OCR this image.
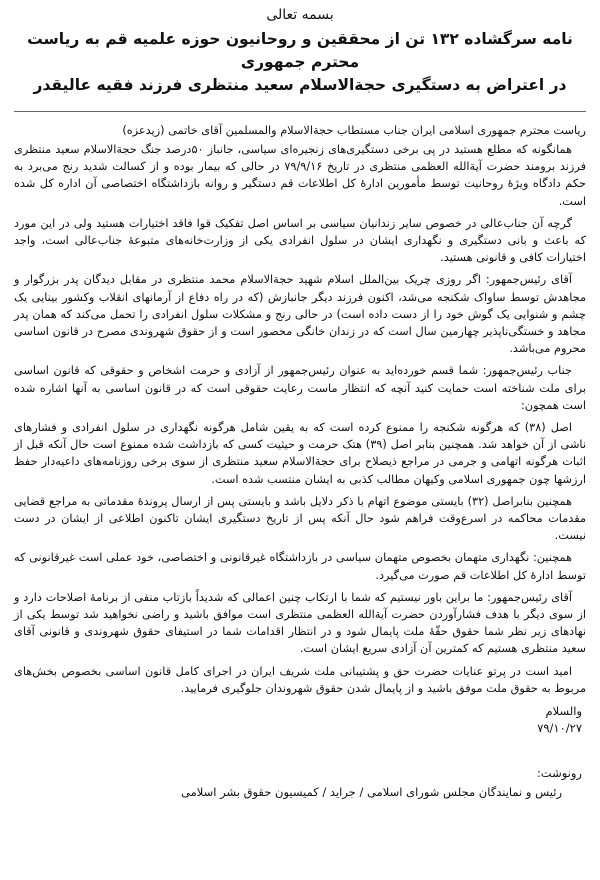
بسمه تعالی
نامه سرگشاده ۱۳۲ تن از محققین و روحانیون حوزه علمیه قم به ریاست محترم جمهوری
در اعتراض به دستگیری حجةالاسلام سعید منتظری فرزند فقیه عالیقدر
ریاست محترم جمهوری اسلامی ایران جناب مستطاب حجةالاسلام والمسلمین آقای خاتمی (زیدعزه)

همانگونه که مطلع هستید در پی برخی دستگیری‌های زنجیره‌ای سیاسی، جانباز ۵۰درصد جنگ حجةالاسلام سعید منتظری فرزند برومند حضرت آیةالله العظمی منتظری در تاریخ ۷۹/۹/۱۶ در حالی که بیمار بوده و از کسالت شدید رنج می‌برد به حکم دادگاه ویژهٔ روحانیت توسط مأمورین ادارهٔ کل اطلاعات قم دستگیر و روانه بازداشتگاه اختصاصی آن اداره کل شده است.

گرچه آن جناب‌عالی در خصوص سایر زندانیان سیاسی بر اساس اصل تفکیک قوا فاقد اختیارات هستید ولی در این مورد که باعث و بانی دستگیری و نگهداری ایشان در سلول انفرادی یکی از وزارت‌خانه‌های متبوعهٔ جناب‌عالی است، واجد اختیارات کافی و قانونی هستید.

آقای رئیس‌جمهور: اگر روزی چریک بین‌الملل اسلام شهید حجةالاسلام محمد منتظری در مقابل دیدگان پدر بزرگوار و مجاهدش توسط ساواک شکنجه می‌شد، اکنون فرزند دیگر جانبازش (که در راه دفاع از آرمانهای انقلاب وکشور بینایی یک چشم و شنوایی یک گوش خود را از دست داده است) در حالی رنج و مشکلات سلول انفرادی را تحمل می‌کند که همان پدر مجاهد و خستگی‌ناپذیر چهارمین سال است که در زندان خانگی محصور است و از حقوق شهروندی مصرح در قانون اساسی محروم می‌باشد.

جناب رئیس‌جمهور: شما قسم خورده‌اید به عنوان رئیس‌جمهور از آزادی و حرمت اشخاص و حقوقی که قانون اساسی برای ملت شناخته است حمایت کنید آنچه که انتظار ماست رعایت حقوقی است که در قانون اساسی به آنها اشاره شده است همچون:

اصل (۳۸) که هرگونه شکنجه را ممنوع کرده است که به یقین شامل هرگونه نگهداری در سلول انفرادی و فشارهای ناشی از آن خواهد شد. همچنین بنابر اصل (۳۹) هتک حرمت و حیثیت کسی که بازداشت شده ممنوع است حال آنکه قبل از اثبات هرگونه اتهامی و جرمی در مراجع ذیصلاح برای حجةالاسلام سعید منتظری از سوی برخی روزنامه‌های داعیه‌دار حفظ ارزشها چون جمهوری اسلامی وکیهان مطالب کذبی به ایشان منتسب شده است.

همچنین بنابراصل (۳۲) بایستی موضوع اتهام با ذکر دلایل باشد و بایستی پس از ارسال پروندهٔ مقدماتی به مراجع قضایی مقدمات محاکمه در اسرع‌وقت فراهم شود حال آنکه پس از تاریخ دستگیری ایشان تاکنون اطلاعی از ایشان در دست نیست.

همچنین: نگهداری متهمان بخصوص متهمان سیاسی در بازداشتگاه غیرقانونی و اختصاصی، خود عملی است غیرقانونی که توسط ادارهٔ کل اطلاعات قم صورت می‌گیرد.

آقای رئیس‌جمهور: ما براین باور نیستیم که شما با ارتکاب چنین اعمالی که شدیداً بازتاب منفی از برنامهٔ اصلاحات دارد و از سوی دیگر با هدف فشارآوردن حضرت آیةالله العظمی منتظری است موافق باشید و راضی نخواهید شد توسط یکی از نهادهای زیر نظر شما حقوق حقّهٔ ملت پایمال شود و در انتظار اقدامات شما در استیفای حقوق شهروندی و قانونی آقای سعید منتظری هستیم که کمترین آن آزادی سریع ایشان است.

امید است در پرتو عنایات حضرت حق و پشتیبانی ملت شریف ایران در اجرای کامل قانون اساسی بخصوص بخش‌های مربوط به حقوق ملت موفق باشید و از پایمال شدن حقوق شهروندان جلوگیری فرمایید.

والسلام
۷۹/۱۰/۲۷
رونوشت:
رئیس و نمایندگان مجلس شورای اسلامی / جراید / کمیسیون حقوق بشر اسلامی
